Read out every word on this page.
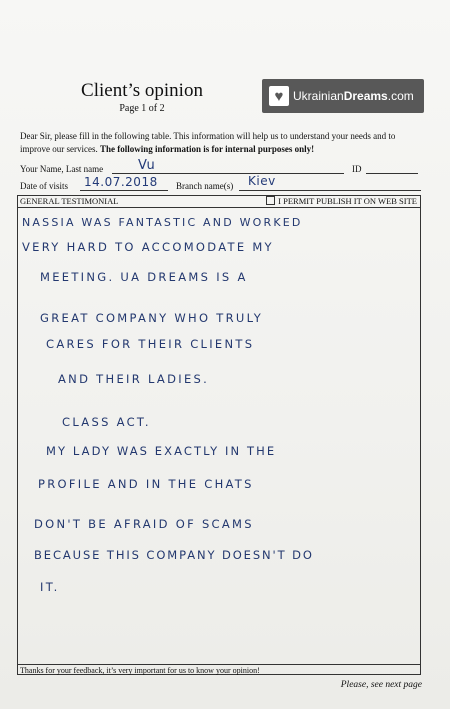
Client’s opinion
Page 1 of 2
♥ UkrainianDreams.com
Dear Sir, please fill in the following table. This information will help us to understand your needs and to improve our services. The following information is for internal purposes only!
Your Name, Last name	Vu	ID
Date of visits 14.07.2018 Branch name(s) Kiev
GENERAL TESTIMONIAL	I PERMIT PUBLISH IT ON WEB SITE
NASSIA WAS FANTASTIC AND WORKED
VERY HARD TO ACCOMODATE MY
MEETING. UA DREAMS IS A
GREAT COMPANY WHO TRULY
CARES FOR THEIR CLIENTS
AND THEIR LADIES.
CLASS ACT.
MY LADY WAS EXACTLY IN THE
PROFILE AND IN THE CHATS
DON'T BE AFRAID OF SCAMS
BECAUSE THIS COMPANY DOESN'T DO
IT.
Thanks for your feedback, it’s very important for us to know your opinion!
Please, see next page
